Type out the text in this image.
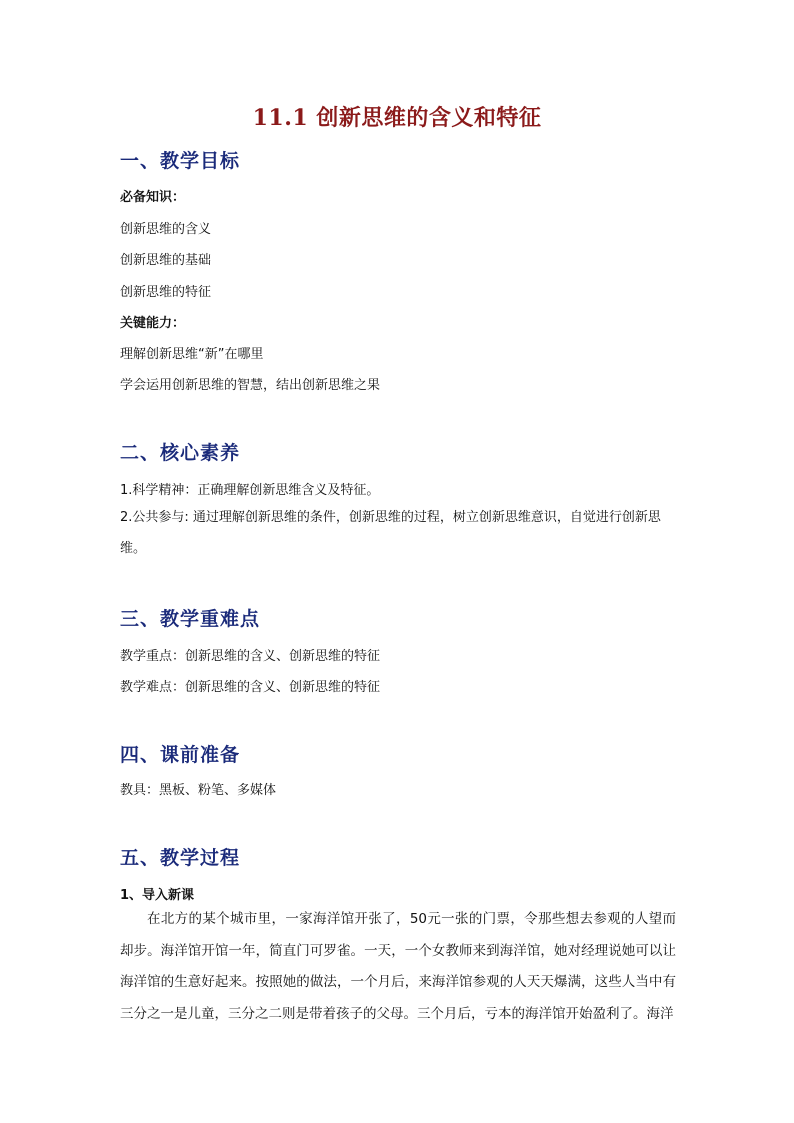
11.1 创新思维的含义和特征
一、教学目标
必备知识：
创新思维的含义
创新思维的基础
创新思维的特征
关键能力：
理解创新思维“新”在哪里
学会运用创新思维的智慧，结出创新思维之果
二、核心素养
1.科学精神：正确理解创新思维含义及特征。
2.公共参与: 通过理解创新思维的条件，创新思维的过程，树立创新思维意识，自觉进行创新思维。
三、教学重难点
教学重点：创新思维的含义、创新思维的特征
教学难点：创新思维的含义、创新思维的特征
四、课前准备
教具：黑板、粉笔、多媒体
五、教学过程
1、导入新课

在北方的某个城市里，一家海洋馆开张了，50元一张的门票，令那些想去参观的人望而却步。海洋馆开馆一年，简直门可罗雀。一天，一个女教师来到海洋馆，她对经理说她可以让海洋馆的生意好起来。按照她的做法，一个月后，来海洋馆参观的人天天爆满，这些人当中有三分之一是儿童，三分之二则是带着孩子的父母。三个月后，亏本的海洋馆开始盈利了。海洋
